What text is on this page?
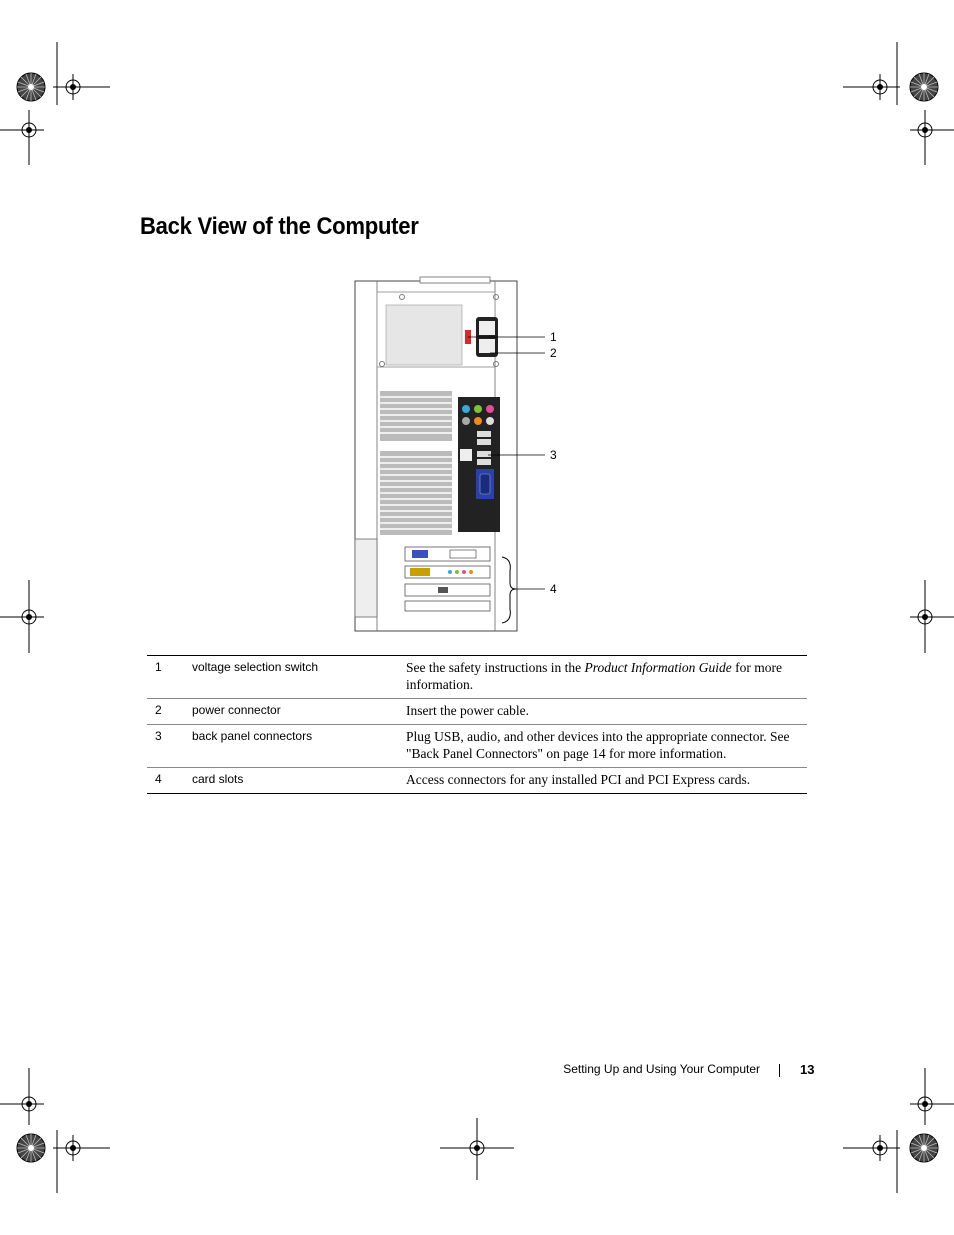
Back View of the Computer
1
2
3
4
1	voltage selection switch	See the safety instructions in the Product Information Guide for more information.
2	power connector	Insert the power cable.
3	back panel connectors	Plug USB, audio, and other devices into the appropriate connector. See "Back Panel Connectors" on page 14 for more information.
4	card slots	Access connectors for any installed PCI and PCI Express cards.
Setting Up and Using Your Computer	13
